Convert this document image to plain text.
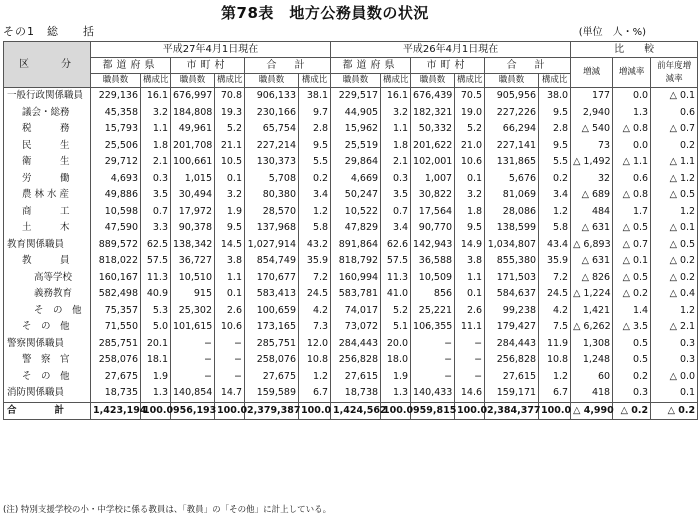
第78表　地方公務員数の状況
その1　総　　括	(単位　人・%)
区　　分	平成27年4月1日現在						平成26年4月1日現在						比　　較		
	都道府県		市町村		合　計		都道府県		市町村		合　計		増減	増減率	前年度増減率
	職員数	構成比	職員数	構成比	職員数	構成比	職員数	構成比	職員数	構成比	職員数	構成比			
一般行政関係職員	229,136	16.1	676,997	70.8	906,133	38.1	229,517	16.1	676,439	70.5	905,956	38.0	177	0.0	△ 0.1
議会・総務	45,358	3.2	184,808	19.3	230,166	9.7	44,905	3.2	182,321	19.0	227,226	9.5	2,940	1.3	0.6
税　　　務	15,793	1.1	49,961	5.2	65,754	2.8	15,962	1.1	50,332	5.2	66,294	2.8	△ 540	△ 0.8	△ 0.7
民　　　生	25,506	1.8	201,708	21.1	227,214	9.5	25,519	1.8	201,622	21.0	227,141	9.5	73	0.0	0.2
衛　　　生	29,712	2.1	100,661	10.5	130,373	5.5	29,864	2.1	102,001	10.6	131,865	5.5	△ 1,492	△ 1.1	△ 1.1
労　　　働	4,693	0.3	1,015	0.1	5,708	0.2	4,669	0.3	1,007	0.1	5,676	0.2	32	0.6	△ 1.2
農 林 水 産	49,886	3.5	30,494	3.2	80,380	3.4	50,247	3.5	30,822	3.2	81,069	3.4	△ 689	△ 0.8	△ 0.5
商　　　工	10,598	0.7	17,972	1.9	28,570	1.2	10,522	0.7	17,564	1.8	28,086	1.2	484	1.7	1.2
土　　　木	47,590	3.3	90,378	9.5	137,968	5.8	47,829	3.4	90,770	9.5	138,599	5.8	△ 631	△ 0.5	△ 0.1
教育関係職員	889,572	62.5	138,342	14.5	1,027,914	43.2	891,864	62.6	142,943	14.9	1,034,807	43.4	△ 6,893	△ 0.7	△ 0.5
教　　　員	818,022	57.5	36,727	3.8	854,749	35.9	818,792	57.5	36,588	3.8	855,380	35.9	△ 631	△ 0.1	△ 0.2
高等学校	160,167	11.3	10,510	1.1	170,677	7.2	160,994	11.3	10,509	1.1	171,503	7.2	△ 826	△ 0.5	△ 0.2
義務教育	582,498	40.9	915	0.1	583,413	24.5	583,781	41.0	856	0.1	584,637	24.5	△ 1,224	△ 0.2	△ 0.4
そ　の　他	75,357	5.3	25,302	2.6	100,659	4.2	74,017	5.2	25,221	2.6	99,238	4.2	1,421	1.4	1.2
そ　の　他	71,550	5.0	101,615	10.6	173,165	7.3	73,072	5.1	106,355	11.1	179,427	7.5	△ 6,262	△ 3.5	△ 2.1
警察関係職員	285,751	20.1	−	−	285,751	12.0	284,443	20.0	−	−	284,443	11.9	1,308	0.5	0.3
警　察　官	258,076	18.1	−	−	258,076	10.8	256,828	18.0	−	−	256,828	10.8	1,248	0.5	0.3
そ　の　他	27,675	1.9	−	−	27,675	1.2	27,615	1.9	−	−	27,615	1.2	60	0.2	△ 0.0
消防関係職員	18,735	1.3	140,854	14.7	159,589	6.7	18,738	1.3	140,433	14.6	159,171	6.7	418	0.3	0.1
合　　　　計	1,423,194	100.0	956,193	100.0	2,379,387	100.0	1,424,562	100.0	959,815	100.0	2,384,377	100.0	△ 4,990	△ 0.2	△ 0.2
(注) 特別支援学校の小・中学校に係る教員は、「教員」の「その他」に計上している。
